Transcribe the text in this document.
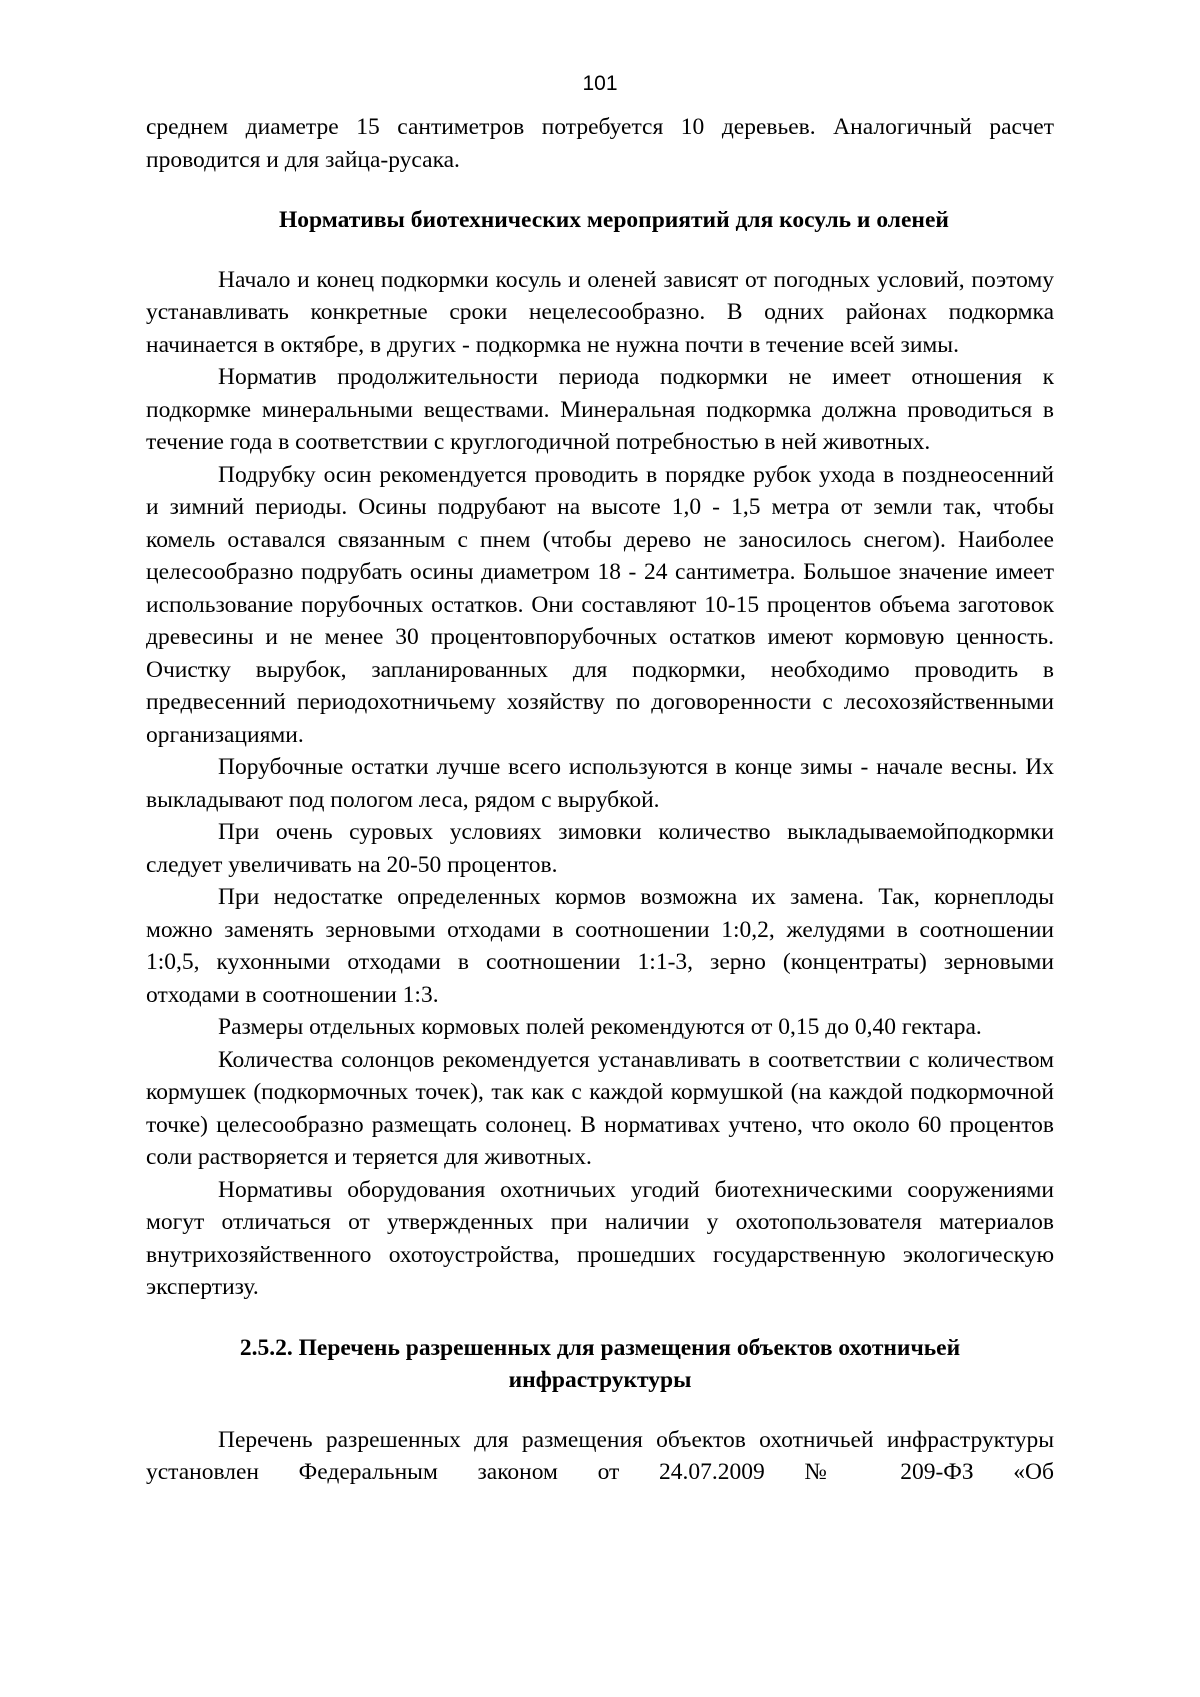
101

среднем диаметре 15 сантиметров потребуется 10 деревьев. Аналогичный расчет проводится и для зайца-русака.

Нормативы биотехнических мероприятий для косуль и оленей

Начало и конец подкормки косуль и оленей зависят от погодных условий, поэтому устанавливать конкретные сроки нецелесообразно. В одних районах подкормка начинается в октябре, в других - подкормка не нужна почти в течение всей зимы.

Норматив продолжительности периода подкормки не имеет отношения к подкормке минеральными веществами. Минеральная подкормка должна проводиться в течение года в соответствии с круглогодичной потребностью в ней животных.

Подрубку осин рекомендуется проводить в порядке рубок ухода в позднеосенний и зимний периоды. Осины подрубают на высоте 1,0 - 1,5 метра от земли так, чтобы комель оставался связанным с пнем (чтобы дерево не заносилось снегом). Наиболее целесообразно подрубать осины диаметром 18 - 24 сантиметра. Большое значение имеет использование порубочных остатков. Они составляют 10-15 процентов объема заготовок древесины и не менее 30 процентовпорубочных остатков имеют кормовую ценность. Очистку вырубок, запланированных для подкормки, необходимо проводить в предвесенний периодохотничьему хозяйству по договоренности с лесохозяйственными организациями.

Порубочные остатки лучше всего используются в конце зимы - начале весны. Их выкладывают под пологом леса, рядом с вырубкой.

При очень суровых условиях зимовки количество выкладываемойподкормки следует увеличивать на 20-50 процентов.

При недостатке определенных кормов возможна их замена. Так, корнеплоды можно заменять зерновыми отходами в соотношении 1:0,2, желудями в соотношении 1:0,5, кухонными отходами в соотношении 1:1-3, зерно (концентраты) зерновыми отходами в соотношении 1:3.

Размеры отдельных кормовых полей рекомендуются от 0,15 до 0,40 гектара.

Количества солонцов рекомендуется устанавливать в соответствии с количеством кормушек (подкормочных точек), так как с каждой кормушкой (на каждой подкормочной точке) целесообразно размещать солонец. В нормативах учтено, что около 60 процентов соли растворяется и теряется для животных.

Нормативы оборудования охотничьих угодий биотехническими сооружениями могут отличаться от утвержденных при наличии у охотопользователя материалов внутрихозяйственного охотоустройства, прошедших государственную экологическую экспертизу.

2.5.2. Перечень разрешенных для размещения объектов охотничьей
инфраструктуры

Перечень разрешенных для размещения объектов охотничьей инфраструктуры установлен Федеральным законом от 24.07.2009 № 209-ФЗ «Об
